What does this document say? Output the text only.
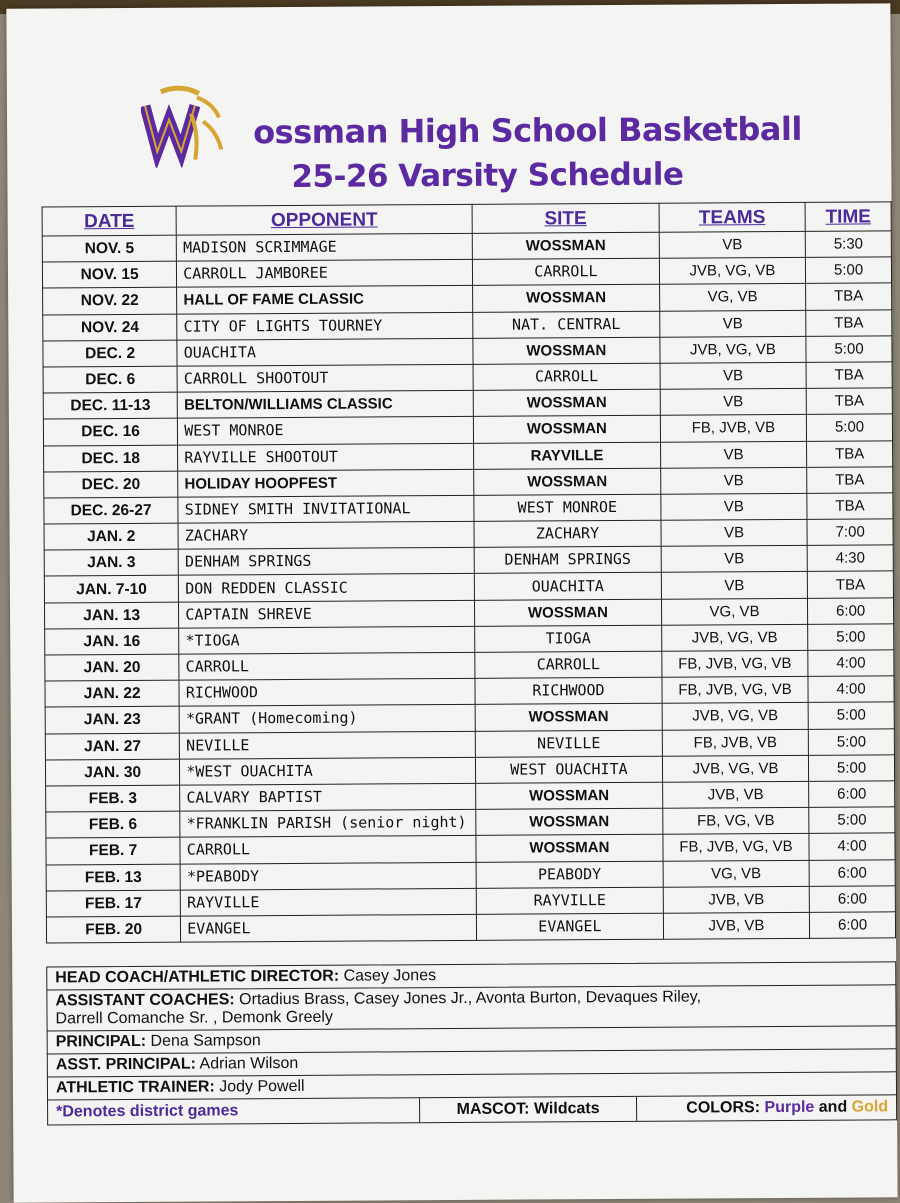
ossman High School Basketball
25-26 Varsity Schedule
DATE	OPPONENT	SITE	TEAMS	TIME
NOV. 5	MADISON SCRIMMAGE	WOSSMAN	VB	5:30
NOV. 15	CARROLL JAMBOREE	CARROLL	JVB, VG, VB	5:00
NOV. 22	HALL OF FAME CLASSIC	WOSSMAN	VG, VB	TBA
NOV. 24	CITY OF LIGHTS TOURNEY	NAT. CENTRAL	VB	TBA
DEC. 2	OUACHITA	WOSSMAN	JVB, VG, VB	5:00
DEC. 6	CARROLL SHOOTOUT	CARROLL	VB	TBA
DEC. 11-13	BELTON/WILLIAMS CLASSIC	WOSSMAN	VB	TBA
DEC. 16	WEST MONROE	WOSSMAN	FB, JVB, VB	5:00
DEC. 18	RAYVILLE SHOOTOUT	RAYVILLE	VB	TBA
DEC. 20	HOLIDAY HOOPFEST	WOSSMAN	VB	TBA
DEC. 26-27	SIDNEY SMITH INVITATIONAL	WEST MONROE	VB	TBA
JAN. 2	ZACHARY	ZACHARY	VB	7:00
JAN. 3	DENHAM SPRINGS	DENHAM SPRINGS	VB	4:30
JAN. 7-10	DON REDDEN CLASSIC	OUACHITA	VB	TBA
JAN. 13	CAPTAIN SHREVE	WOSSMAN	VG, VB	6:00
JAN. 16	*TIOGA	TIOGA	JVB, VG, VB	5:00
JAN. 20	CARROLL	CARROLL	FB, JVB, VG, VB	4:00
JAN. 22	RICHWOOD	RICHWOOD	FB, JVB, VG, VB	4:00
JAN. 23	*GRANT (Homecoming)	WOSSMAN	JVB, VG, VB	5:00
JAN. 27	NEVILLE	NEVILLE	FB, JVB, VB	5:00
JAN. 30	*WEST OUACHITA	WEST OUACHITA	JVB, VG, VB	5:00
FEB. 3	CALVARY BAPTIST	WOSSMAN	JVB, VB	6:00
FEB. 6	*FRANKLIN PARISH (senior night)	WOSSMAN	FB, VG, VB	5:00
FEB. 7	CARROLL	WOSSMAN	FB, JVB, VG, VB	4:00
FEB. 13	*PEABODY	PEABODY	VG, VB	6:00
FEB. 17	RAYVILLE	RAYVILLE	JVB, VB	6:00
FEB. 20	EVANGEL	EVANGEL	JVB, VB	6:00
HEAD COACH/ATHLETIC DIRECTOR: Casey Jones
ASSISTANT COACHES: Ortadius Brass, Casey Jones Jr., Avonta Burton, Devaques Riley,
Darrell Comanche Sr. , Demonk Greely
PRINCIPAL: Dena Sampson
ASST. PRINCIPAL: Adrian Wilson
ATHLETIC TRAINER: Jody Powell
*Denotes district games	MASCOT: Wildcats	COLORS: Purple and Gold
